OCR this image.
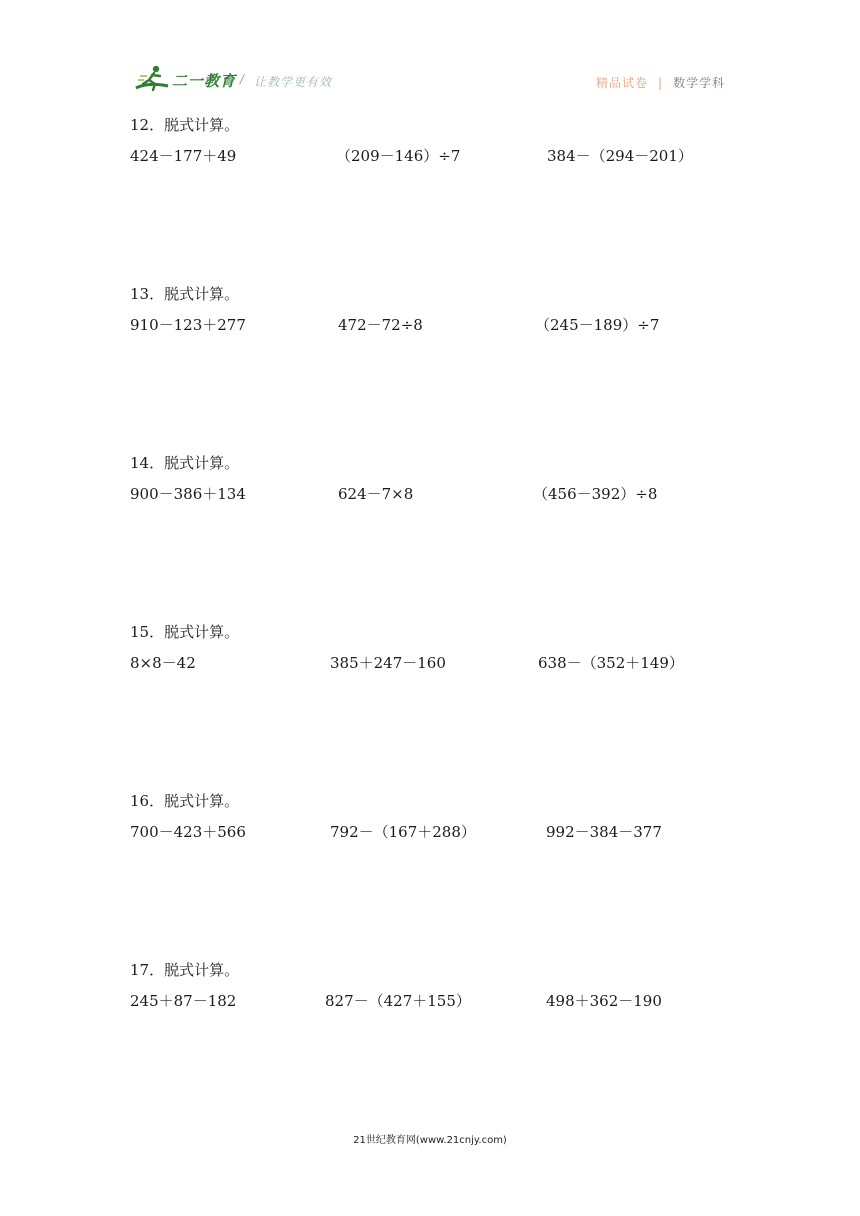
二一教育 / 让教学更有效	精品试卷 | 数学学科
12．脱式计算。
424－177＋49	（209－146）÷7	384－（294－201）
13．脱式计算。
910－123＋277	472－72÷8	（245－189）÷7
14．脱式计算。
900－386＋134	624－7×8	（456－392）÷8
15．脱式计算。
8×8－42	385＋247－160	638－（352＋149）
16．脱式计算。
700－423＋566	792－（167＋288）	992－384－377
17．脱式计算。
245＋87－182	827－（427＋155）	498＋362－190
21世纪教育网(www.21cnjy.com)
